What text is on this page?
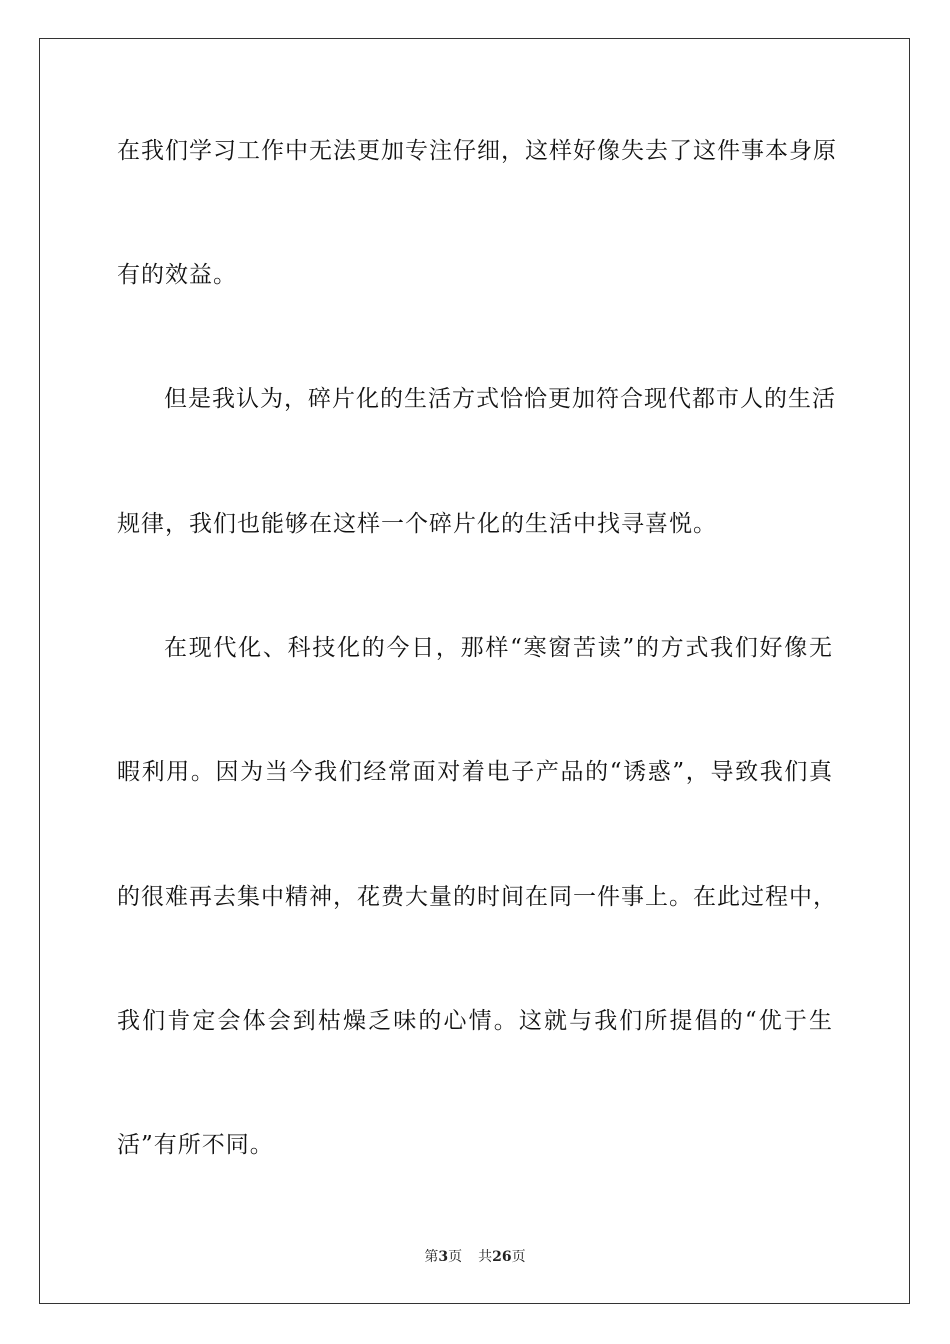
在我们学习工作中无法更加专注仔细，这样好像失去了这件事本身原
有的效益。
但是我认为，碎片化的生活方式恰恰更加符合现代都市人的生活
规律，我们也能够在这样一个碎片化的生活中找寻喜悦。
在现代化、科技化的今日，那样“寒窗苦读”的方式我们好像无
暇利用。因为当今我们经常面对着电子产品的“诱惑”，导致我们真
的很难再去集中精神，花费大量的时间在同一件事上。在此过程中，
我们肯定会体会到枯燥乏味的心情。这就与我们所提倡的“优于生
活”有所不同。
第3页 共26页
